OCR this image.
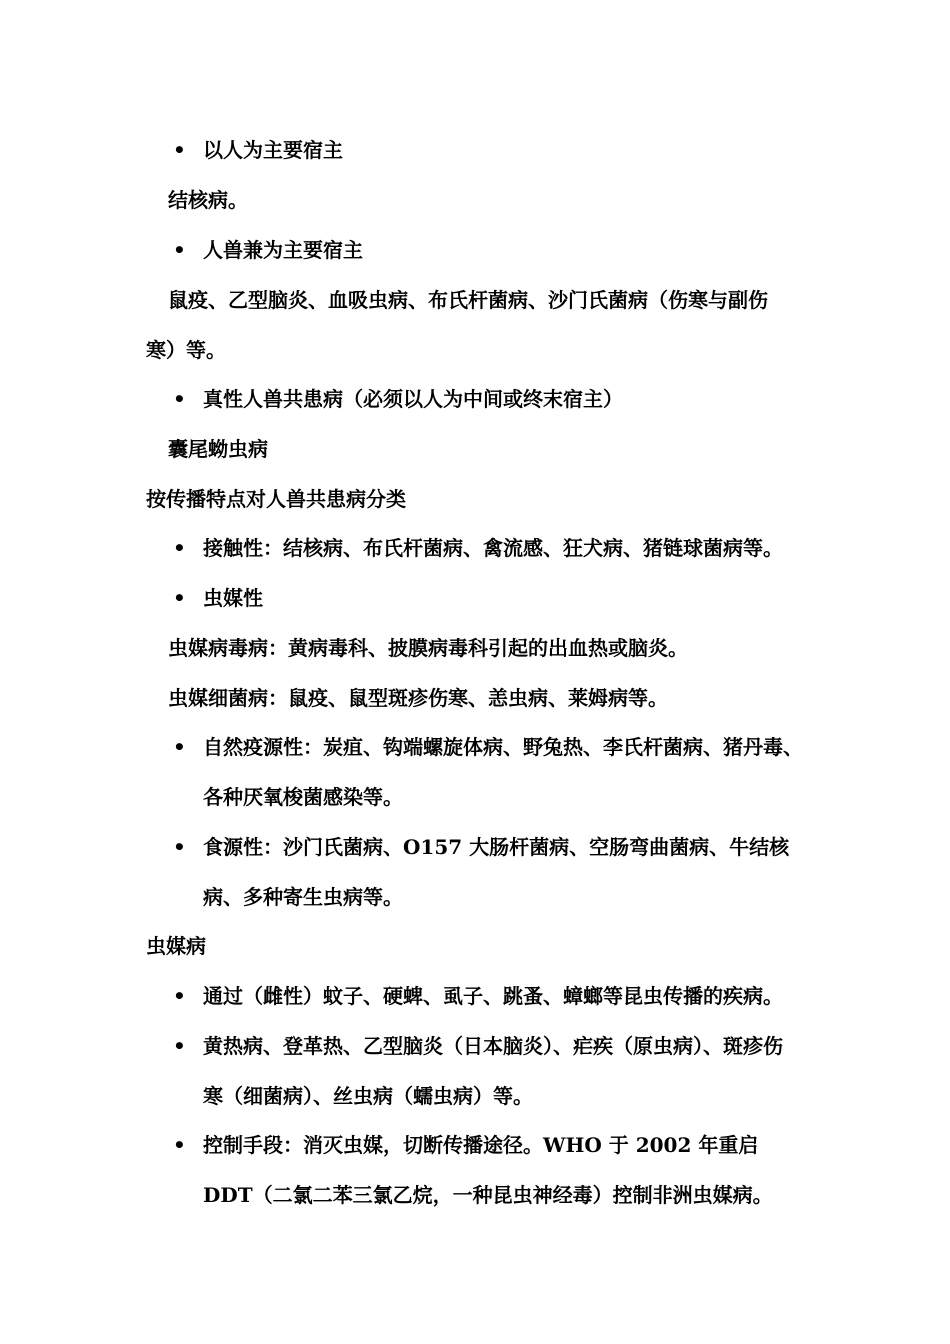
•
•
•
•
•
•
•
•
•
•
以人为主要宿主
结核病。
人兽兼为主要宿主
鼠疫、乙型脑炎、血吸虫病、布氏杆菌病、沙门氏菌病（伤寒与副伤
寒）等。
真性人兽共患病（必须以人为中间或终末宿主）
囊尾蚴虫病
按传播特点对人兽共患病分类
接触性：结核病、布氏杆菌病、禽流感、狂犬病、猪链球菌病等。
虫媒性
虫媒病毒病：黄病毒科、披膜病毒科引起的出血热或脑炎。
虫媒细菌病：鼠疫、鼠型斑疹伤寒、恙虫病、莱姆病等。
自然疫源性：炭疽、钩端螺旋体病、野兔热、李氏杆菌病、猪丹毒、
各种厌氧梭菌感染等。
食源性：沙门氏菌病、O157 大肠杆菌病、空肠弯曲菌病、牛结核
病、多种寄生虫病等。
虫媒病
通过（雌性）蚊子、硬蜱、虱子、跳蚤、蟑螂等昆虫传播的疾病。
黄热病、登革热、乙型脑炎（日本脑炎）、疟疾（原虫病）、斑疹伤
寒（细菌病）、丝虫病（蠕虫病）等。
控制手段：消灭虫媒，切断传播途径。WHO 于 2002 年重启
DDT（二氯二苯三氯乙烷，一种昆虫神经毒）控制非洲虫媒病。
